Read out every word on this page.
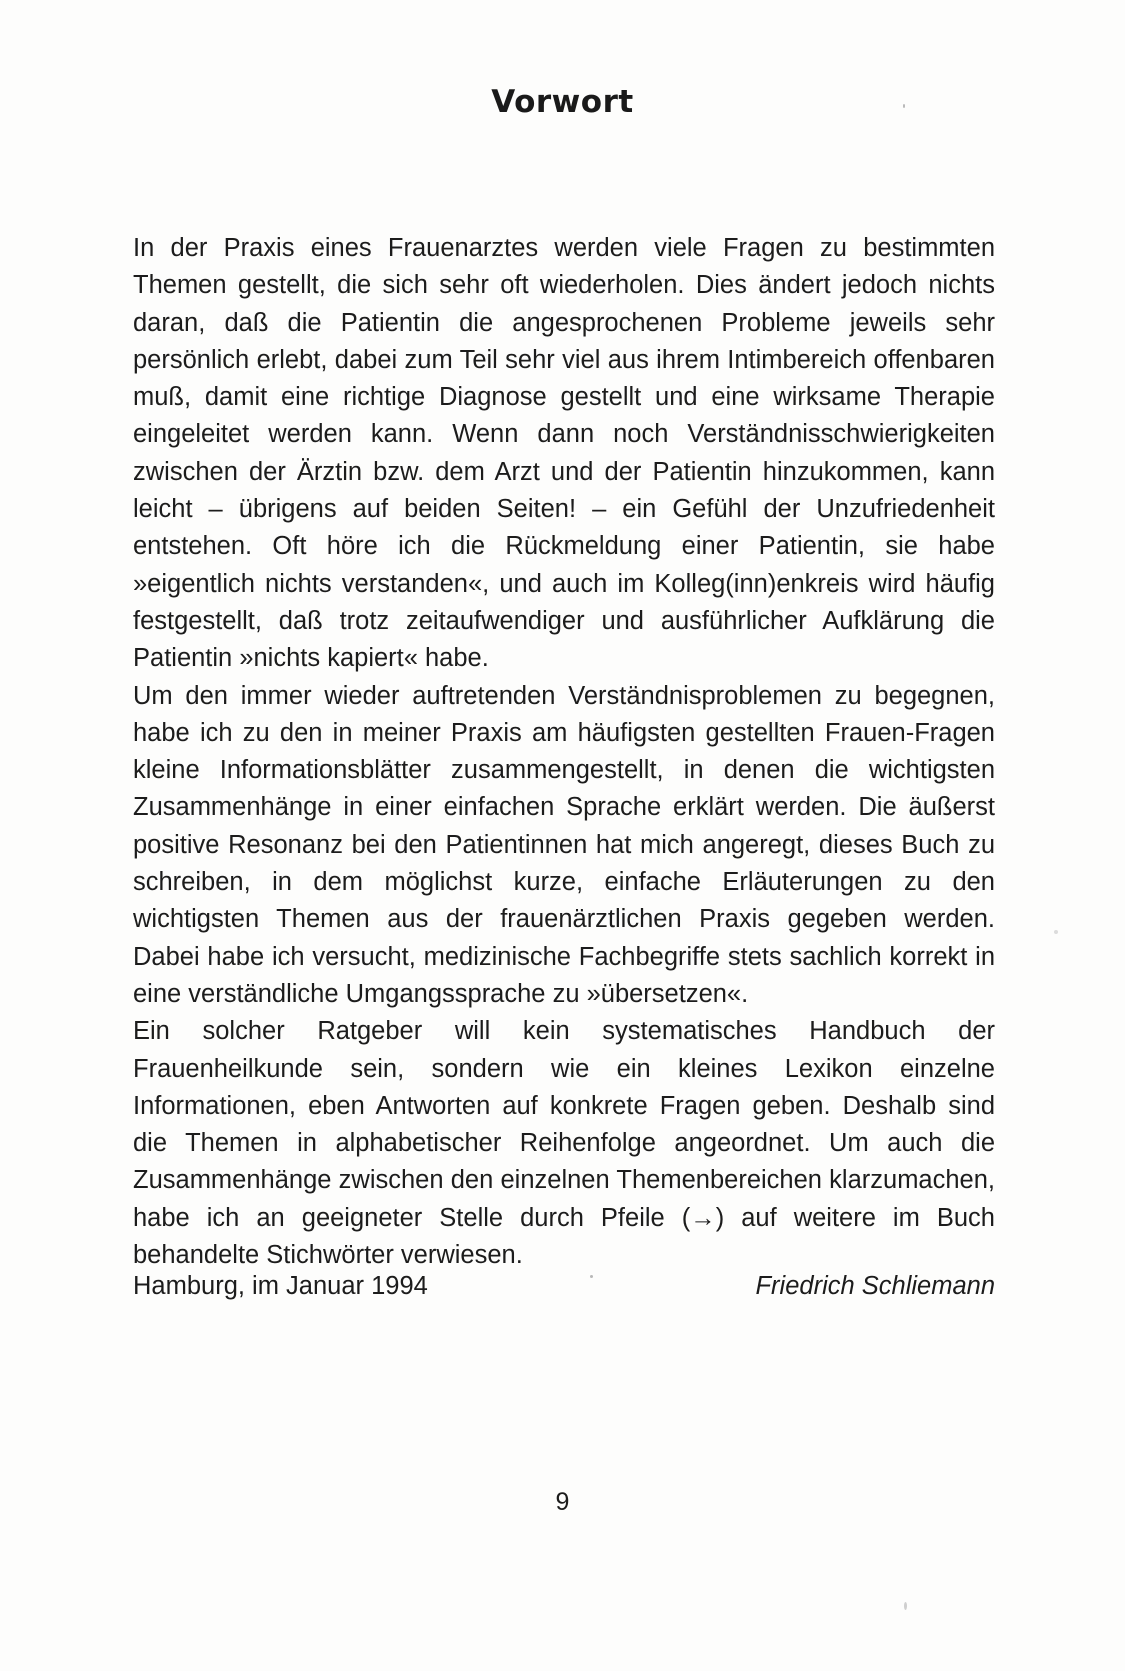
Vorwort

In der Praxis eines Frauenarztes werden viele Fragen zu bestimmten Themen gestellt, die sich sehr oft wiederholen. Dies ändert jedoch nichts daran, daß die Patientin die angesprochenen Probleme jeweils sehr persönlich erlebt, dabei zum Teil sehr viel aus ihrem Intimbereich offenbaren muß, damit eine richtige Diagnose gestellt und eine wirksame Therapie eingeleitet werden kann. Wenn dann noch Verständnisschwierigkeiten zwischen der Ärztin bzw. dem Arzt und der Patientin hinzukommen, kann leicht – übrigens auf beiden Seiten! – ein Gefühl der Unzufriedenheit entstehen. Oft höre ich die Rückmeldung einer Patientin, sie habe »eigentlich nichts verstanden«, und auch im Kolleg(inn)enkreis wird häufig festgestellt, daß trotz zeitaufwendiger und ausführlicher Aufklärung die Patientin »nichts kapiert« habe.

Um den immer wieder auftretenden Verständnisproblemen zu begegnen, habe ich zu den in meiner Praxis am häufigsten gestellten Frauen-Fragen kleine Informationsblätter zusammengestellt, in denen die wichtigsten Zusammenhänge in einer einfachen Sprache erklärt werden. Die äußerst positive Resonanz bei den Patientinnen hat mich angeregt, dieses Buch zu schreiben, in dem möglichst kurze, einfache Erläuterungen zu den wichtigsten Themen aus der frauenärztlichen Praxis gegeben werden. Dabei habe ich versucht, medizinische Fachbegriffe stets sachlich korrekt in eine verständliche Umgangssprache zu »übersetzen«.

Ein solcher Ratgeber will kein systematisches Handbuch der Frauenheilkunde sein, sondern wie ein kleines Lexikon einzelne Informationen, eben Antworten auf konkrete Fragen geben. Deshalb sind die Themen in alphabetischer Reihenfolge angeordnet. Um auch die Zusammenhänge zwischen den einzelnen Themenbereichen klarzumachen, habe ich an geeigneter Stelle durch Pfeile (→) auf weitere im Buch behandelte Stichwörter verwiesen.

Hamburg, im Januar 1994	Friedrich Schliemann
9
